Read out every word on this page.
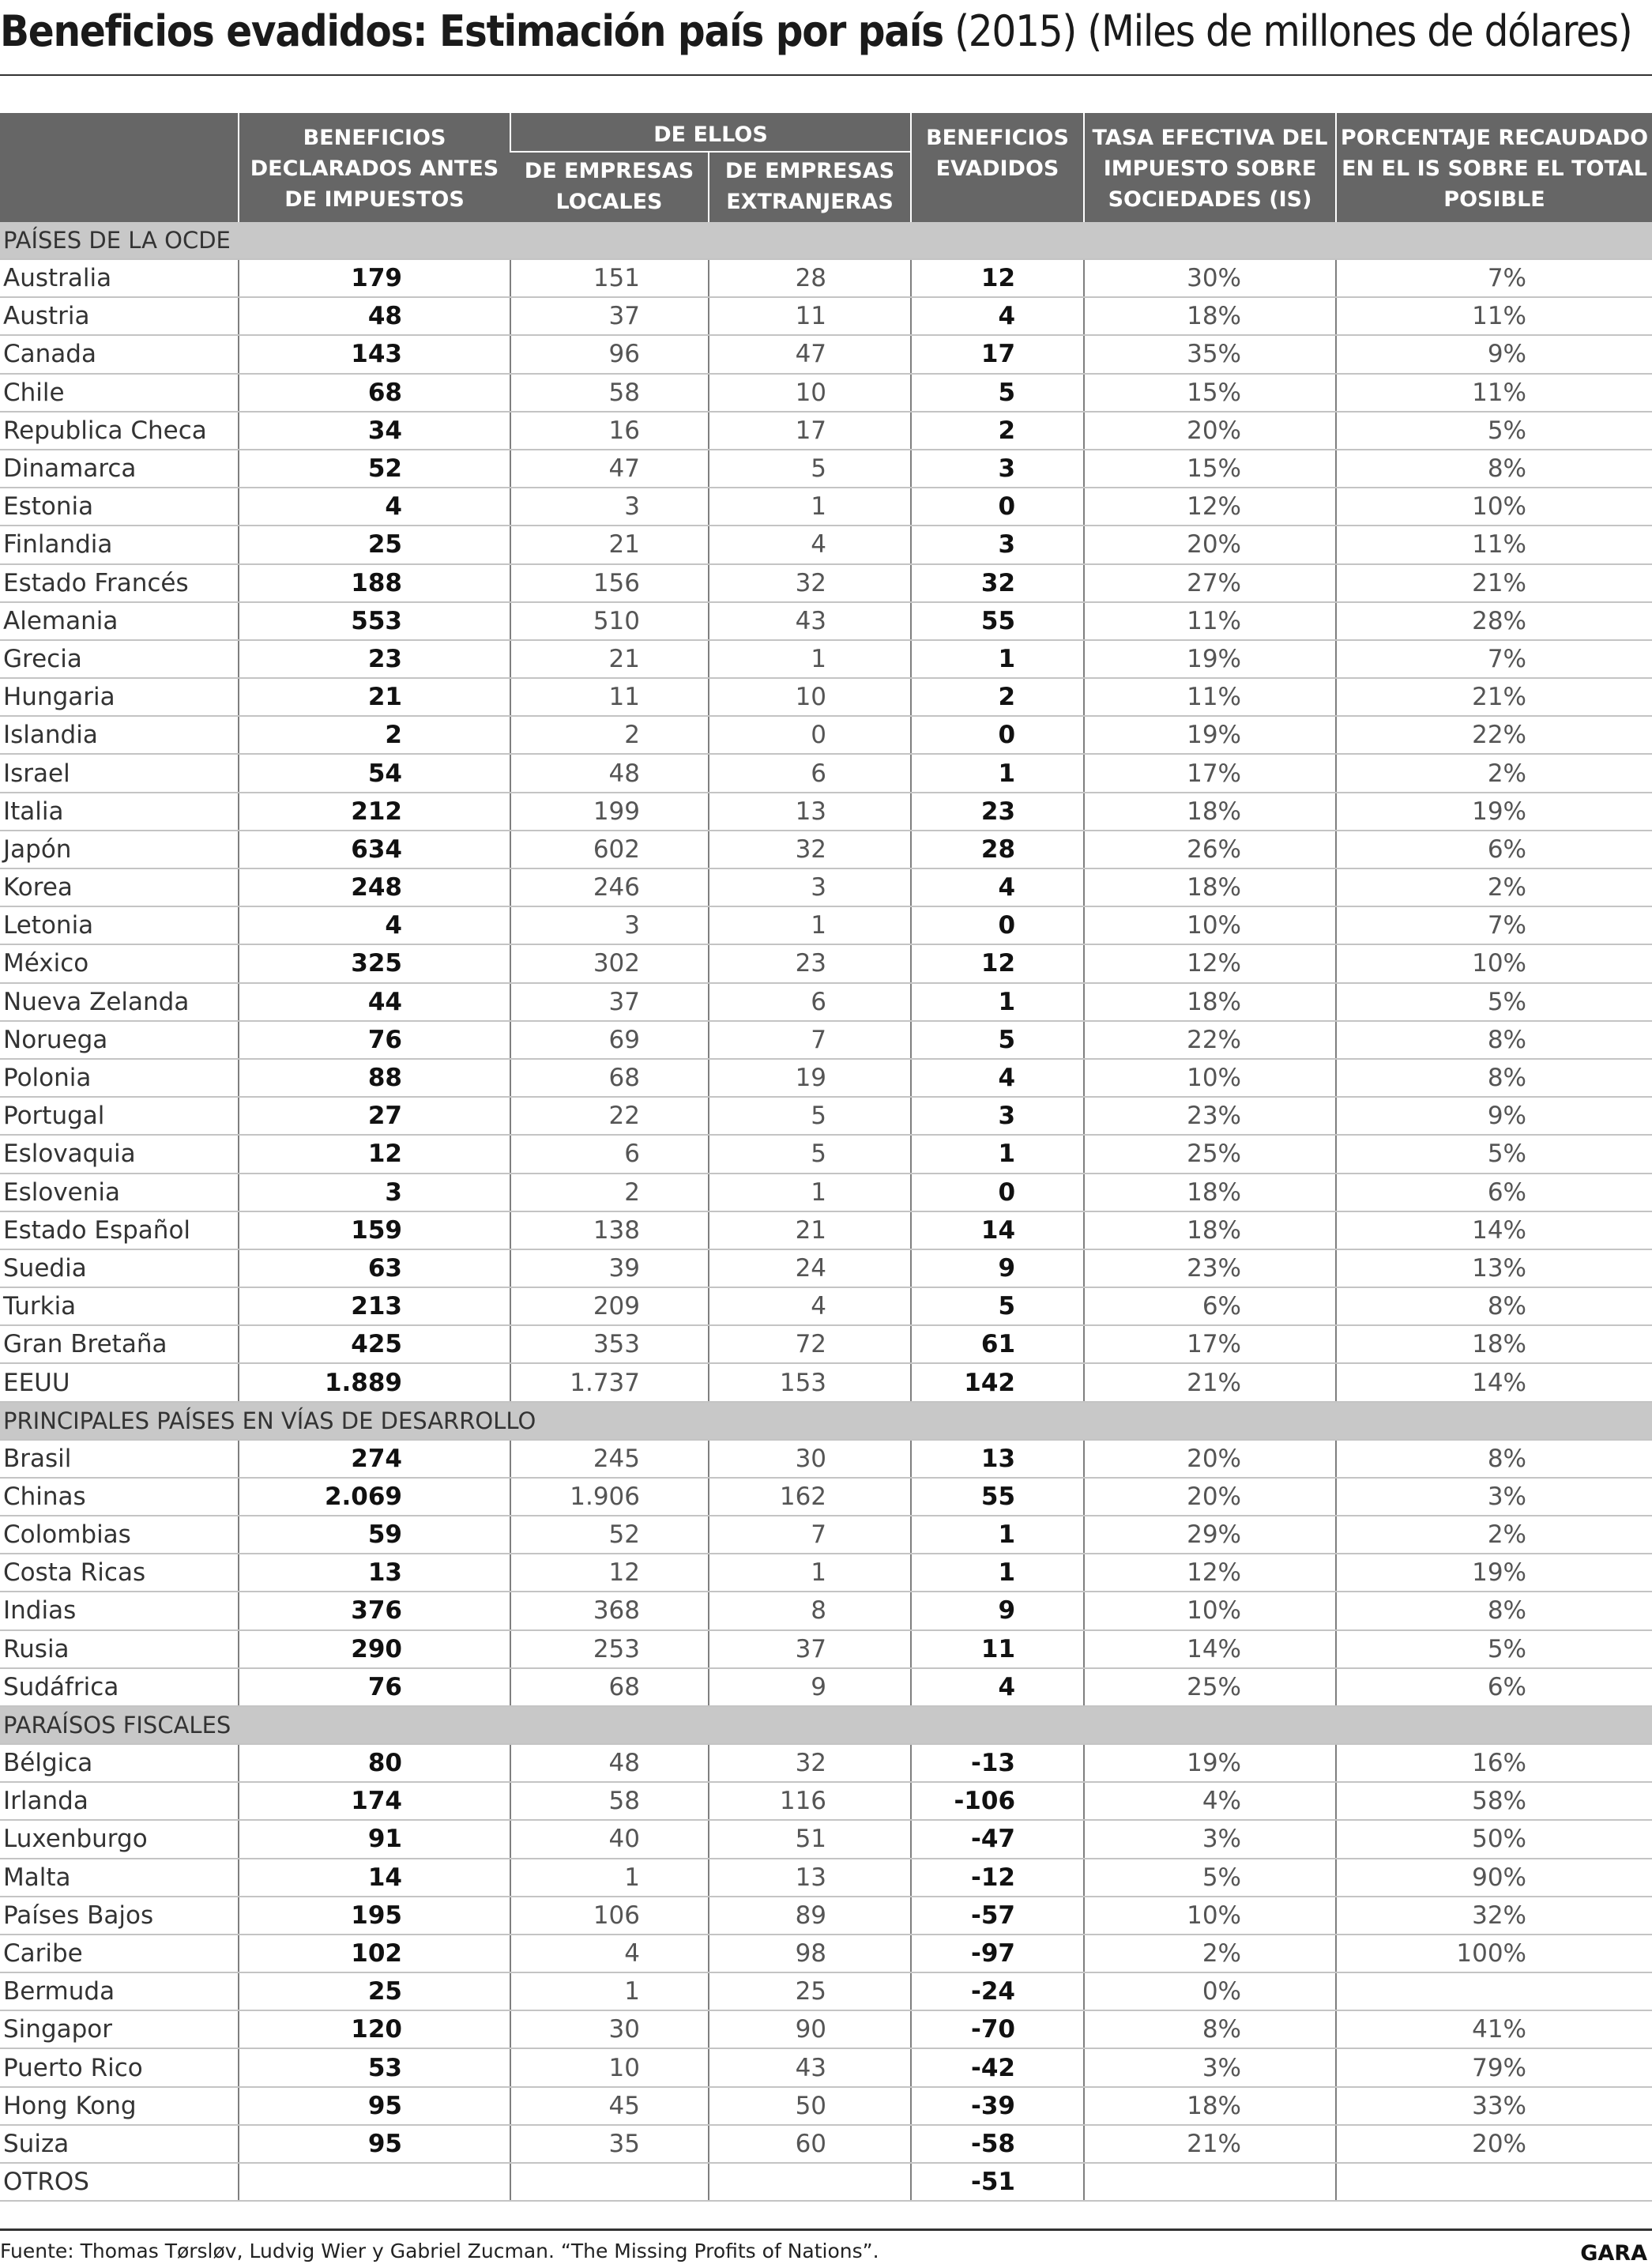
Beneficios evadidos: Estimación país por país (2015) (Miles de millones de dólares)
	BENEFICIOS DECLARADOS ANTES DE IMPUESTOS	DE ELLOS		BENEFICIOS EVADIDOS	TASA EFECTIVA DEL IMPUESTO SOBRE SOCIEDADES (IS)	PORCENTAJE RECAUDADO EN EL IS SOBRE EL TOTAL POSIBLE
		DE EMPRESAS LOCALES	DE EMPRESAS EXTRANJERAS			
PAÍSES DE LA OCDE						
Australia	179	151	28	12	30%	7%
Austria	48	37	11	4	18%	11%
Canada	143	96	47	17	35%	9%
Chile	68	58	10	5	15%	11%
Republica Checa	34	16	17	2	20%	5%
Dinamarca	52	47	5	3	15%	8%
Estonia	4	3	1	0	12%	10%
Finlandia	25	21	4	3	20%	11%
Estado Francés	188	156	32	32	27%	21%
Alemania	553	510	43	55	11%	28%
Grecia	23	21	1	1	19%	7%
Hungaria	21	11	10	2	11%	21%
Islandia	2	2	0	0	19%	22%
Israel	54	48	6	1	17%	2%
Italia	212	199	13	23	18%	19%
Japón	634	602	32	28	26%	6%
Korea	248	246	3	4	18%	2%
Letonia	4	3	1	0	10%	7%
México	325	302	23	12	12%	10%
Nueva Zelanda	44	37	6	1	18%	5%
Noruega	76	69	7	5	22%	8%
Polonia	88	68	19	4	10%	8%
Portugal	27	22	5	3	23%	9%
Eslovaquia	12	6	5	1	25%	5%
Eslovenia	3	2	1	0	18%	6%
Estado Español	159	138	21	14	18%	14%
Suedia	63	39	24	9	23%	13%
Turkia	213	209	4	5	6%	8%
Gran Bretaña	425	353	72	61	17%	18%
EEUU	1.889	1.737	153	142	21%	14%
PRINCIPALES PAÍSES EN VÍAS DE DESARROLLO						
Brasil	274	245	30	13	20%	8%
Chinas	2.069	1.906	162	55	20%	3%
Colombias	59	52	7	1	29%	2%
Costa Ricas	13	12	1	1	12%	19%
Indias	376	368	8	9	10%	8%
Rusia	290	253	37	11	14%	5%
Sudáfrica	76	68	9	4	25%	6%
PARAÍSOS FISCALES						
Bélgica	80	48	32	-13	19%	16%
Irlanda	174	58	116	-106	4%	58%
Luxenburgo	91	40	51	-47	3%	50%
Malta	14	1	13	-12	5%	90%
Países Bajos	195	106	89	-57	10%	32%
Caribe	102	4	98	-97	2%	100%
Bermuda	25	1	25	-24	0%	
Singapor	120	30	90	-70	8%	41%
Puerto Rico	53	10	43	-42	3%	79%
Hong Kong	95	45	50	-39	18%	33%
Suiza	95	35	60	-58	21%	20%
OTROS				-51		
Fuente: Thomas Tørsløv, Ludvig Wier y Gabriel Zucman. “The Missing Profits of Nations”.	GARA
